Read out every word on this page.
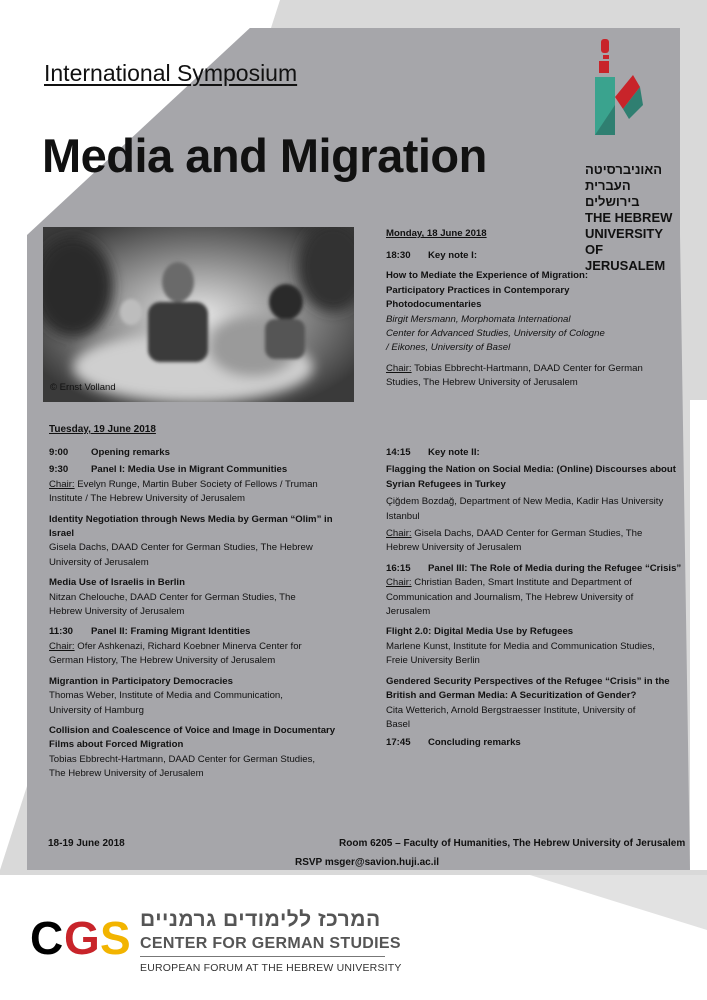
International Symposium
Media and Migration
© Ernst Volland
האוניברסיטה
העברית
בירושלים
THE HEBREW
UNIVERSITY
OF JERUSALEM
Monday, 18 June 2018
18:30	Key note I:
How to Mediate the Experience of Migration:
Participatory Practices in Contemporary
Photodocumentaries
Birgit Mersmann, Morphomata International
Center for Advanced Studies, University of Cologne
/ Eikones, University of Basel
Chair: Tobias Ebbrecht-Hartmann, DAAD Center for German
Studies, The Hebrew University of Jerusalem
Tuesday, 19 June 2018
9:00	Opening remarks
9:30	Panel I: Media Use in Migrant Communities
Chair: Evelyn Runge, Martin Buber Society of Fellows / Truman
Institute / The Hebrew University of Jerusalem
Identity Negotiation through News Media by German “Olim” in
Israel
Gisela Dachs, DAAD Center for German Studies, The Hebrew
University of Jerusalem
Media Use of Israelis in Berlin
Nitzan Chelouche, DAAD Center for German Studies, The
Hebrew University of Jerusalem
11:30	Panel II: Framing Migrant Identities
Chair: Ofer Ashkenazi, Richard Koebner Minerva Center for
German History, The Hebrew University of Jerusalem
Migrantion in Participatory Democracies
Thomas Weber, Institute of Media and Communication,
University of Hamburg
Collision and Coalescence of Voice and Image in Documentary
Films about Forced Migration
Tobias Ebbrecht-Hartmann, DAAD Center for German Studies,
The Hebrew University of Jerusalem
14:15	Key note II:
Flagging the Nation on Social Media: (Online) Discourses about
Syrian Refugees in Turkey
Çiğdem Bozdağ, Department of New Media, Kadir Has University
Istanbul
Chair: Gisela Dachs, DAAD Center for German Studies, The
Hebrew University of Jerusalem
16:15	Panel III: The Role of Media during the Refugee “Crisis”
Chair: Christian Baden, Smart Institute and Department of
Communication and Journalism, The Hebrew University of
Jerusalem
Flight 2.0: Digital Media Use by Refugees
Marlene Kunst, Institute for Media and Communication Studies,
Freie University Berlin
Gendered Security Perspectives of the Refugee “Crisis” in the
British and German Media: A Securitization of Gender?
Cita Wetterich, Arnold Bergstraesser Institute, University of
Basel
17:45	Concluding remarks
18-19 June 2018	Room 6205 – Faculty of Humanities, The Hebrew University of Jerusalem
RSVP msger@savion.huji.ac.il
C G S המרכז ללימודים גרמניים
CENTER FOR GERMAN STUDIES
EUROPEAN FORUM AT THE HEBREW UNIVERSITY
